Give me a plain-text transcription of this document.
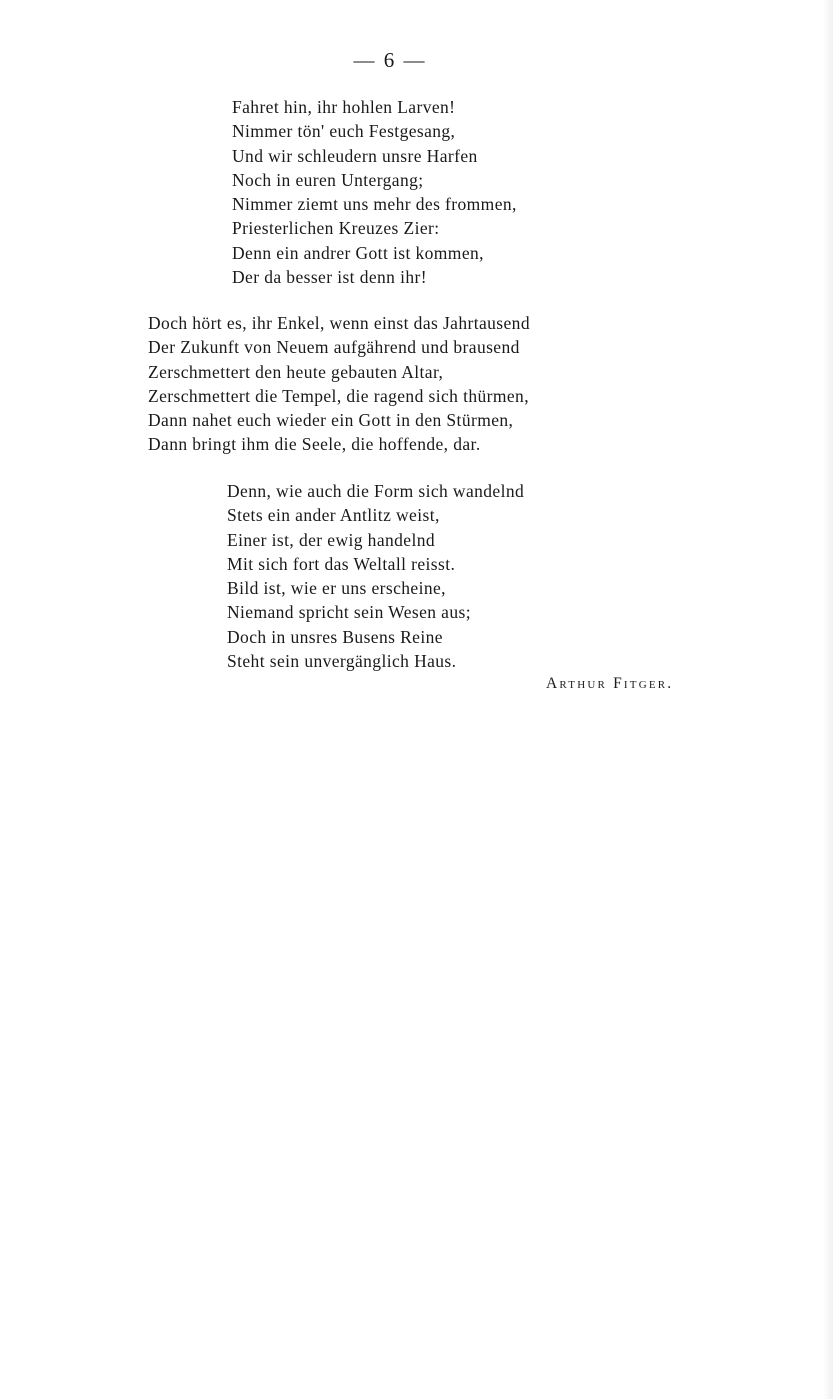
— 6 —
Fahret hin, ihr hohlen Larven!
Nimmer tön' euch Festgesang,
Und wir schleudern unsre Harfen
Noch in euren Untergang;
Nimmer ziemt uns mehr des frommen,
Priesterlichen Kreuzes Zier:
Denn ein andrer Gott ist kommen,
Der da besser ist denn ihr!
Doch hört es, ihr Enkel, wenn einst das Jahrtausend
Der Zukunft von Neuem aufgährend und brausend
Zerschmettert den heute gebauten Altar,
Zerschmettert die Tempel, die ragend sich thürmen,
Dann nahet euch wieder ein Gott in den Stürmen,
Dann bringt ihm die Seele, die hoffende, dar.
Denn, wie auch die Form sich wandelnd
Stets ein ander Antlitz weist,
Einer ist, der ewig handelnd
Mit sich fort das Weltall reisst.
Bild ist, wie er uns erscheine,
Niemand spricht sein Wesen aus;
Doch in unsres Busens Reine
Steht sein unvergänglich Haus.
Arthur Fitger.
